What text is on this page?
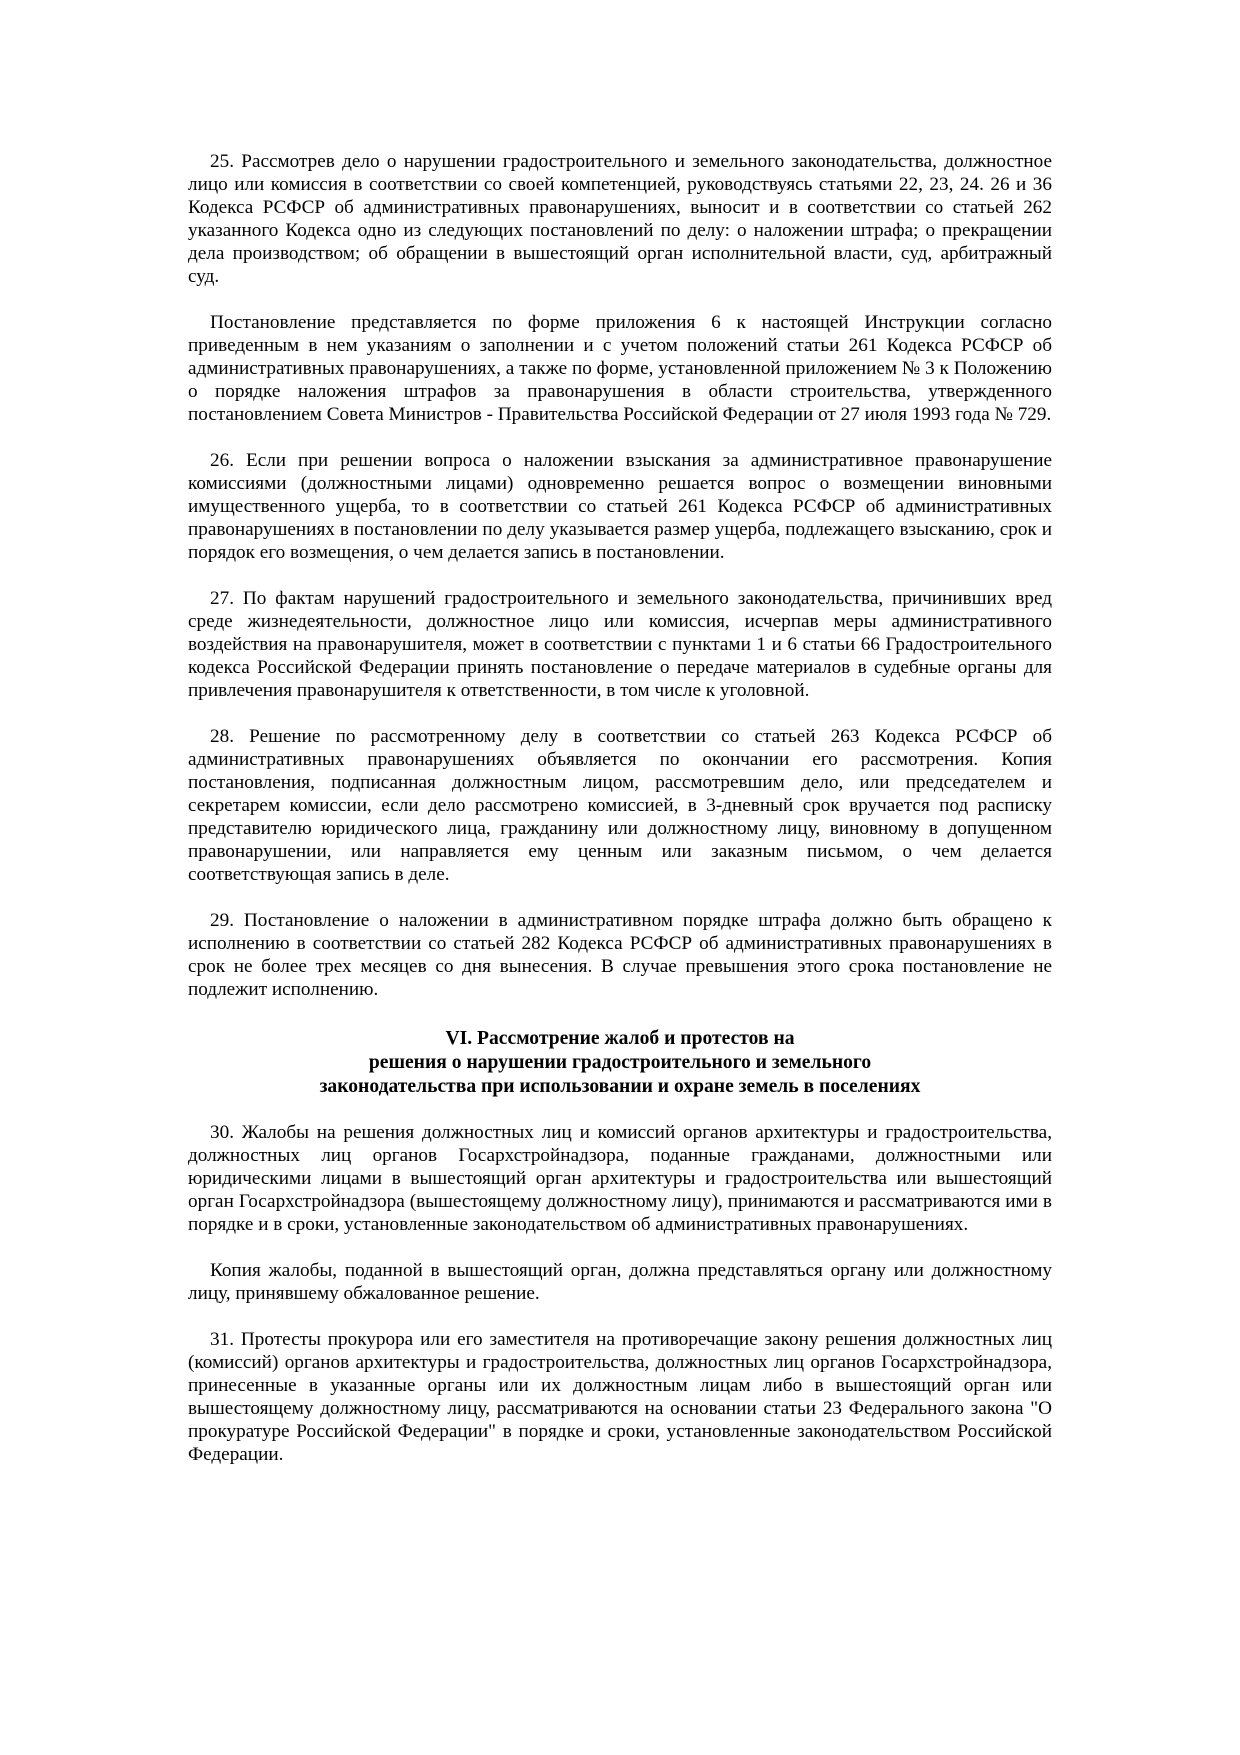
25. Рассмотрев дело о нарушении градостроительного и земельного законодательства, должностное лицо или комиссия в соответствии со своей компетенцией, руководствуясь статьями 22, 23, 24. 26 и 36 Кодекса РСФСР об административных правонарушениях, выносит и в соответствии со статьей 262 указанного Кодекса одно из следующих постановлений по делу: о наложении штрафа; о прекращении дела производством; об обращении в вышестоящий орган исполнительной власти, суд, арбитражный суд.

Постановление представляется по форме приложения 6 к настоящей Инструкции согласно приведенным в нем указаниям о заполнении и с учетом положений статьи 261 Кодекса РСФСР об административных правонарушениях, а также по форме, установленной приложением № 3 к Положению о порядке наложения штрафов за правонарушения в области строительства, утвержденного постановлением Совета Министров - Правительства Российской Федерации от 27 июля 1993 года № 729.

26. Если при решении вопроса о наложении взыскания за административное правонарушение комиссиями (должностными лицами) одновременно решается вопрос о возмещении виновными имущественного ущерба, то в соответствии со статьей 261 Кодекса РСФСР об административных правонарушениях в постановлении по делу указывается размер ущерба, подлежащего взысканию, срок и порядок его возмещения, о чем делается запись в постановлении.

27. По фактам нарушений градостроительного и земельного законодательства, причинивших вред среде жизнедеятельности, должностное лицо или комиссия, исчерпав меры административного воздействия на правонарушителя, может в соответствии с пунктами 1 и 6 статьи 66 Градостроительного кодекса Российской Федерации принять постановление о передаче материалов в судебные органы для привлечения правонарушителя к ответственности, в том числе к уголовной.

28. Решение по рассмотренному делу в соответствии со статьей 263 Кодекса РСФСР об административных правонарушениях объявляется по окончании его рассмотрения. Копия постановления, подписанная должностным лицом, рассмотревшим дело, или председателем и секретарем комиссии, если дело рассмотрено комиссией, в 3-дневный срок вручается под расписку представителю юридического лица, гражданину или должностному лицу, виновному в допущенном правонарушении, или направляется ему ценным или заказным письмом, о чем делается соответствующая запись в деле.

29. Постановление о наложении в административном порядке штрафа должно быть обращено к исполнению в соответствии со статьей 282 Кодекса РСФСР об административных правонарушениях в срок не более трех месяцев со дня вынесения. В случае превышения этого срока постановление не подлежит исполнению.

VI. Рассмотрение жалоб и протестов на
решения о нарушении градостроительного и земельного
законодательства при использовании и охране земель в поселениях

30. Жалобы на решения должностных лиц и комиссий органов архитектуры и градостроительства, должностных лиц органов Госархстройнадзора, поданные гражданами, должностными или юридическими лицами в вышестоящий орган архитектуры и градостроительства или вышестоящий орган Госархстройнадзора (вышестоящему должностному лицу), принимаются и рассматриваются ими в порядке и в сроки, установленные законодательством об административных правонарушениях.

Копия жалобы, поданной в вышестоящий орган, должна представляться органу или должностному лицу, принявшему обжалованное решение.

31. Протесты прокурора или его заместителя на противоречащие закону решения должностных лиц (комиссий) органов архитектуры и градостроительства, должностных лиц органов Госархстройнадзора, принесенные в указанные органы или их должностным лицам либо в вышестоящий орган или вышестоящему должностному лицу, рассматриваются на основании статьи 23 Федерального закона "О прокуратуре Российской Федерации" в порядке и сроки, установленные законодательством Российской Федерации.
